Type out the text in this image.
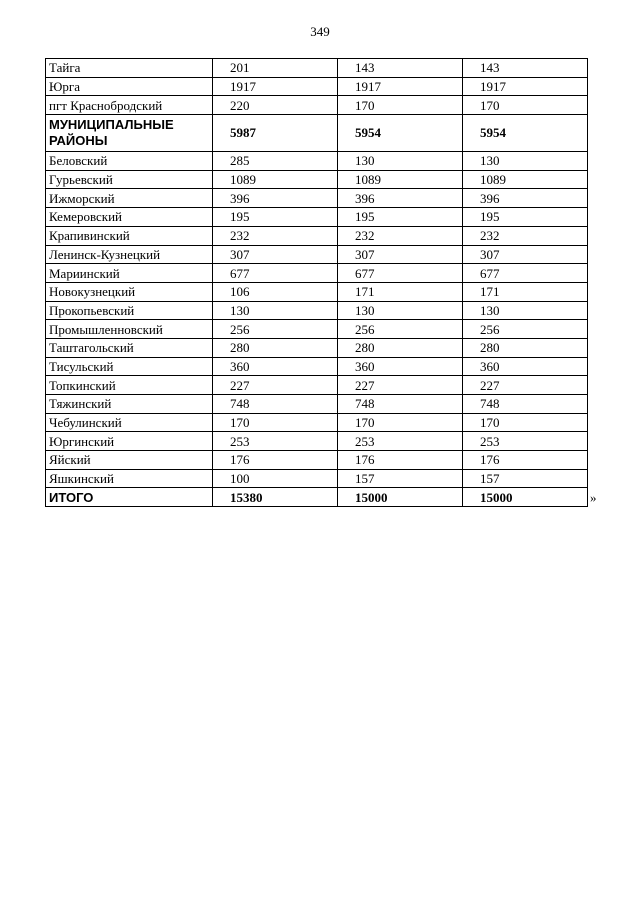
349
Тайга	201	143	143
Юрга	1917	1917	1917
пгт Краснобродский	220	170	170
МУНИЦИПАЛЬНЫЕ РАЙОНЫ	5987	5954	5954
Беловский	285	130	130
Гурьевский	1089	1089	1089
Ижморский	396	396	396
Кемеровский	195	195	195
Крапивинский	232	232	232
Ленинск-Кузнецкий	307	307	307
Мариинский	677	677	677
Новокузнецкий	106	171	171
Прокопьевский	130	130	130
Промышленновский	256	256	256
Таштагольский	280	280	280
Тисульский	360	360	360
Топкинский	227	227	227
Тяжинский	748	748	748
Чебулинский	170	170	170
Юргинский	253	253	253
Яйский	176	176	176
Яшкинский	100	157	157
ИТОГО	15380	15000	15000	»
